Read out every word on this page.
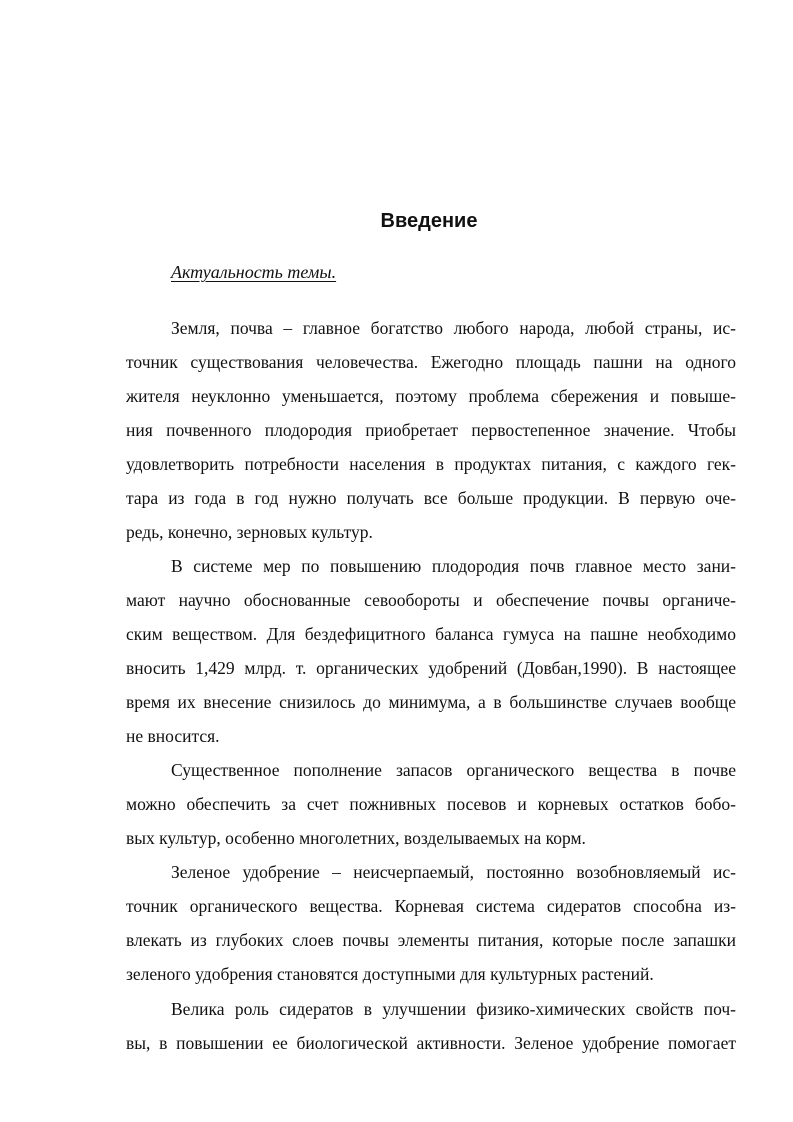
Введение

Актуальность темы.

Земля, почва – главное богатство любого народа, любой страны, ис-

точник существования человечества. Ежегодно площадь пашни на одного

жителя неуклонно уменьшается, поэтому проблема сбережения и повыше-

ния почвенного плодородия приобретает первостепенное значение. Чтобы

удовлетворить потребности населения в продуктах питания, с каждого гек-

тара из года в год нужно получать все больше продукции. В первую оче-

редь, конечно, зерновых культур.

В системе мер по повышению плодородия почв главное место зани-

мают научно обоснованные севообороты и обеспечение почвы органиче-

ским веществом. Для бездефицитного баланса гумуса на пашне необходимо

вносить 1,429 млрд. т. органических удобрений (Довбан,1990). В настоящее

время их внесение снизилось до минимума, а в большинстве случаев вообще

не вносится.

Существенное пополнение запасов органического вещества в почве

можно обеспечить за счет пожнивных посевов и корневых остатков бобо-

вых культур, особенно многолетних, возделываемых на корм.

Зеленое удобрение – неисчерпаемый, постоянно возобновляемый ис-

точник органического вещества. Корневая система сидератов способна из-

влекать из глубоких слоев почвы элементы питания, которые после запашки

зеленого удобрения становятся доступными для культурных растений.

Велика роль сидератов в улучшении физико-химических свойств поч-

вы, в повышении ее биологической активности. Зеленое удобрение помогает
